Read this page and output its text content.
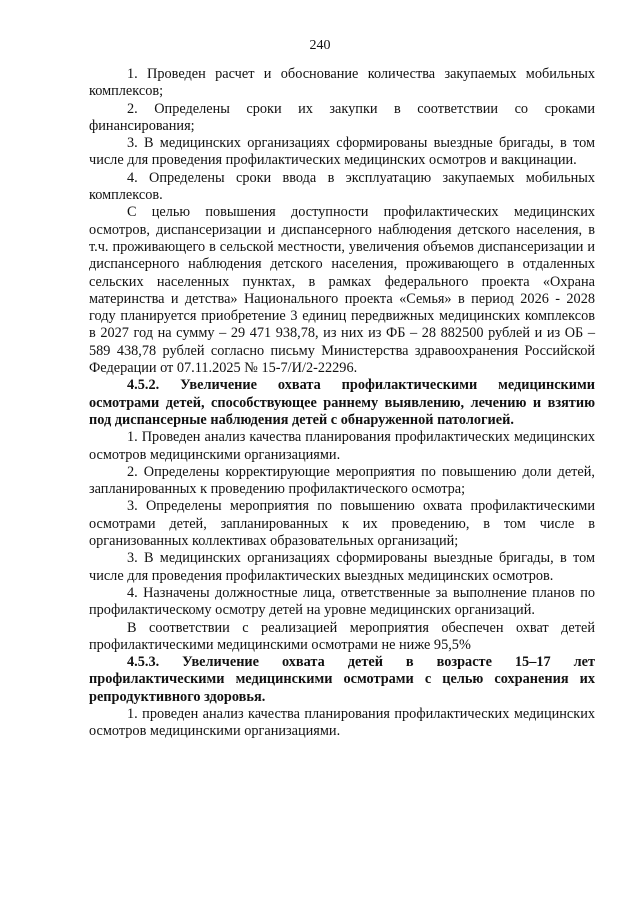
240

1. Проведен расчет и обоснование количества закупаемых мобильных комплексов;

2. Определены сроки их закупки в соответствии со сроками финансирования;

3. В медицинских организациях сформированы выездные бригады, в том числе для проведения профилактических медицинских осмотров и вакцинации.

4. Определены сроки ввода в эксплуатацию закупаемых мобильных комплексов.

С целью повышения доступности профилактических медицинских осмотров, диспансеризации и диспансерного наблюдения детского населения, в т.ч. проживающего в сельской местности, увеличения объемов диспансеризации и диспансерного наблюдения детского населения, проживающего в отдаленных сельских населенных пунктах, в рамках федерального проекта «Охрана материнства и детства» Национального проекта «Семья» в период 2026 - 2028 году планируется приобретение 3 единиц передвижных медицинских комплексов в 2027 год на сумму – 29 471 938,78, из них из ФБ – 28 882500 рублей и из ОБ – 589 438,78 рублей согласно письму Министерства здравоохранения Российской Федерации от 07.11.2025 № 15-7/И/2-22296.

4.5.2. Увеличение охвата профилактическими медицинскими осмотрами детей, способствующее раннему выявлению, лечению и взятию под диспансерные наблюдения детей с обнаруженной патологией.

1. Проведен анализ качества планирования профилактических медицинских осмотров медицинскими организациями.

2. Определены корректирующие мероприятия по повышению доли детей, запланированных к проведению профилактического осмотра;

3. Определены мероприятия по повышению охвата профилактическими осмотрами детей, запланированных к их проведению, в том числе в организованных коллективах образовательных организаций;

3. В медицинских организациях сформированы выездные бригады, в том числе для проведения профилактических выездных медицинских осмотров.

4. Назначены должностные лица, ответственные за выполнение планов по профилактическому осмотру детей на уровне медицинских организаций.

В соответствии с реализацией мероприятия обеспечен охват детей профилактическими медицинскими осмотрами не ниже 95,5%

4.5.3. Увеличение охвата детей в возрасте 15–17 лет профилактическими медицинскими осмотрами с целью сохранения их репродуктивного здоровья.

1. проведен анализ качества планирования профилактических медицинских осмотров медицинскими организациями.
